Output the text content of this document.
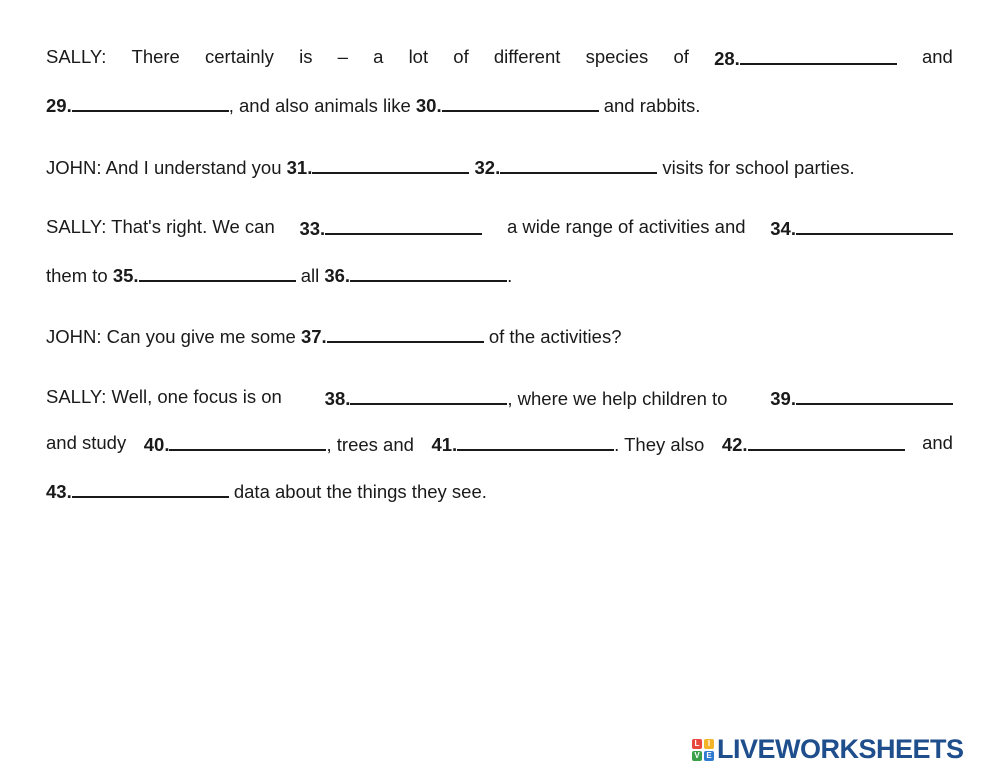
SALLY: There certainly is – a lot of different species of 28.	and
29.	, and also animals like 30.	and rabbits.
JOHN: And I understand you 31.	32.	visits for school parties.
SALLY: That's right. We can 33.	a wide range of activities and 34.
them to 35.	all 36.	.
JOHN: Can you give me some 37.	of the activities?
SALLY: Well, one focus is on 38.	, where we help children to 39.
and study 40.	, trees and 41.	. They also 42.	and
43.	data about the things they see.
L	I
V E LIVEWORKSHEETS
